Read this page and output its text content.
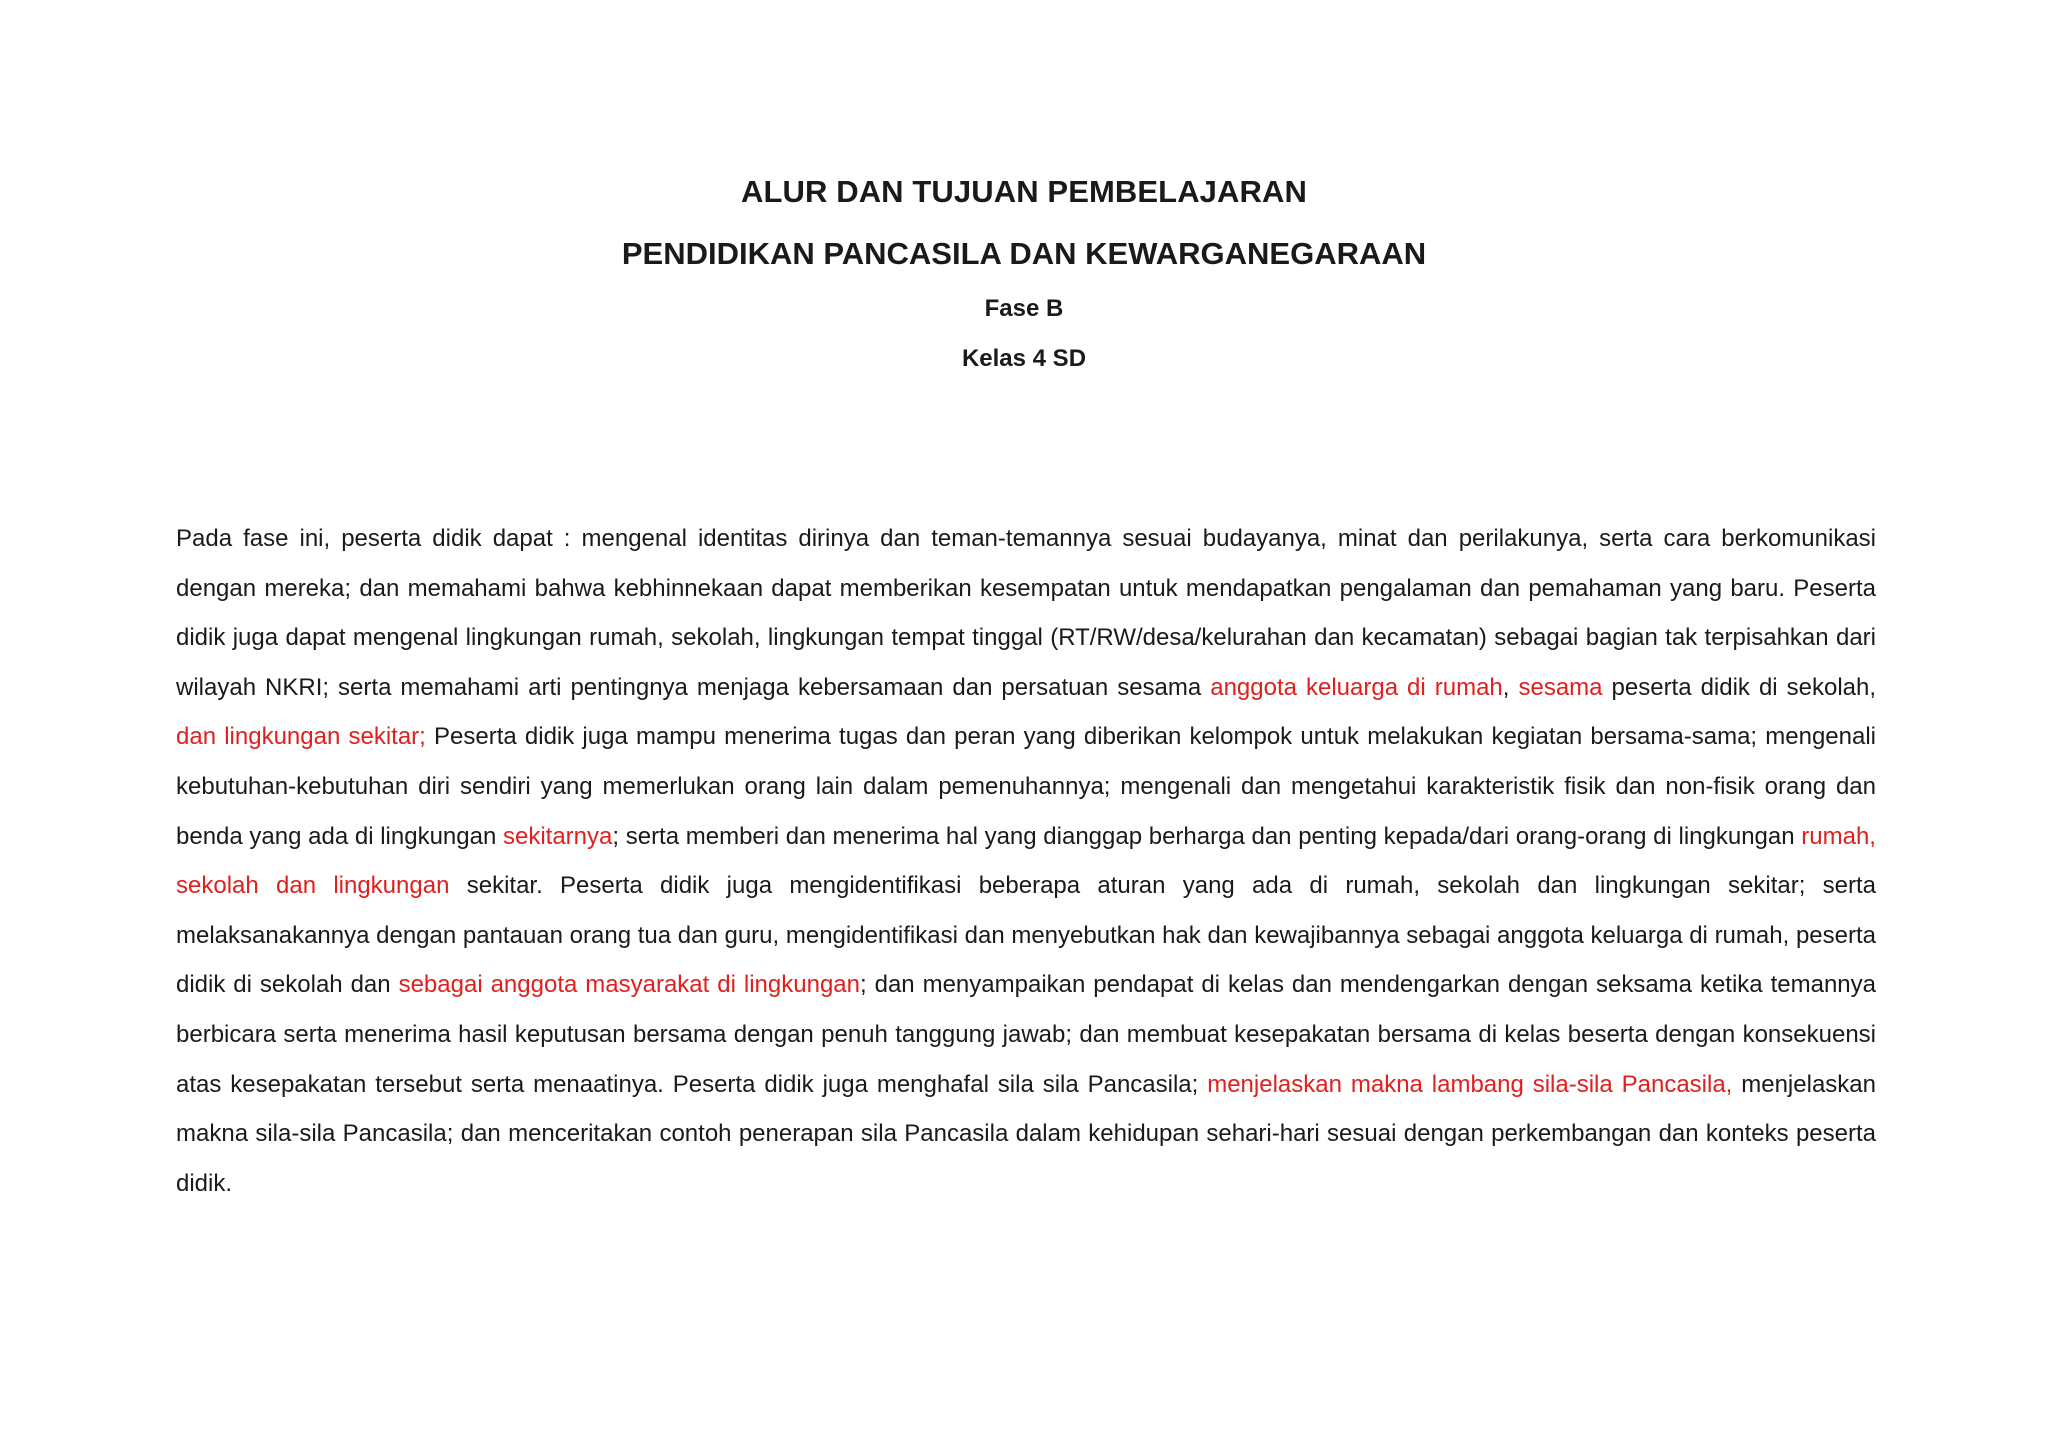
ALUR DAN TUJUAN PEMBELAJARAN
PENDIDIKAN PANCASILA DAN KEWARGANEGARAAN
Fase B
Kelas 4 SD

Pada fase ini, peserta didik dapat : mengenal identitas dirinya dan teman-temannya sesuai budayanya, minat dan perilakunya, serta cara berkomunikasi dengan mereka; dan memahami bahwa kebhinnekaan dapat memberikan kesempatan untuk mendapatkan pengalaman dan pemahaman yang baru. Peserta didik juga dapat mengenal lingkungan rumah, sekolah, lingkungan tempat tinggal (RT/RW/desa/kelurahan dan kecamatan) sebagai bagian tak terpisahkan dari wilayah NKRI; serta memahami arti pentingnya menjaga kebersamaan dan persatuan sesama anggota keluarga di rumah, sesama peserta didik di sekolah, dan lingkungan sekitar; Peserta didik juga mampu menerima tugas dan peran yang diberikan kelompok untuk melakukan kegiatan bersama-sama; mengenali kebutuhan-kebutuhan diri sendiri yang memerlukan orang lain dalam pemenuhannya; mengenali dan mengetahui karakteristik fisik dan non-fisik orang dan benda yang ada di lingkungan sekitarnya; serta memberi dan menerima hal yang dianggap berharga dan penting kepada/dari orang-orang di lingkungan rumah, sekolah dan lingkungan sekitar. Peserta didik juga mengidentifikasi beberapa aturan yang ada di rumah, sekolah dan lingkungan sekitar; serta melaksanakannya dengan pantauan orang tua dan guru, mengidentifikasi dan menyebutkan hak dan kewajibannya sebagai anggota keluarga di rumah, peserta didik di sekolah dan sebagai anggota masyarakat di lingkungan; dan menyampaikan pendapat di kelas dan mendengarkan dengan seksama ketika temannya berbicara serta menerima hasil keputusan bersama dengan penuh tanggung jawab; dan membuat kesepakatan bersama di kelas beserta dengan konsekuensi atas kesepakatan tersebut serta menaatinya. Peserta didik juga menghafal sila sila Pancasila; menjelaskan makna lambang sila-sila Pancasila, menjelaskan makna sila-sila Pancasila; dan menceritakan contoh penerapan sila Pancasila dalam kehidupan sehari-hari sesuai dengan perkembangan dan konteks peserta didik.
